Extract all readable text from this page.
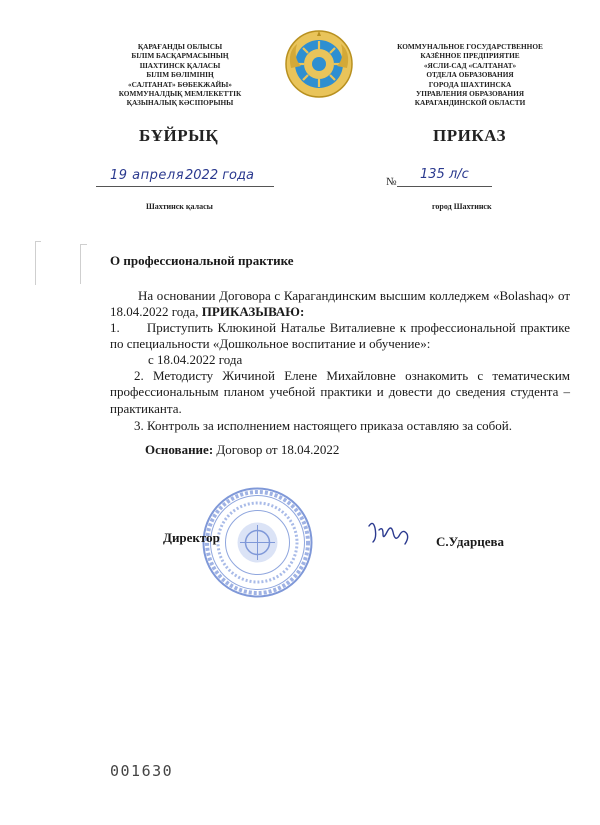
ҚАРАҒАНДЫ ОБЛЫСЫ
БІЛІМ БАСҚАРМАСЫНЫҢ
ШАХТИНСК ҚАЛАСЫ
БІЛІМ БӨЛІМІНІҢ
«САЛТАНАТ» БӨБЕКЖАЙЫ»
КОММУНАЛДЫҚ МЕМЛЕКЕТТІК
ҚАЗЫНАЛЫҚ КӘСІПОРЫНЫ
КОММУНАЛЬНОЕ ГОСУДАРСТВЕННОЕ
КАЗЁННОЕ ПРЕДПРИЯТИЕ
«ЯСЛИ-САД «САЛТАНАТ»
ОТДЕЛА ОБРАЗОВАНИЯ
ГОРОДА ШАХТИНСКА
УПРАВЛЕНИЯ ОБРАЗОВАНИЯ
КАРАГАНДИНСКОЙ ОБЛАСТИ
БҰЙРЫҚ	ПРИКАЗ
19 апреля 2022 года	№ 135 л/с
Шахтинск қаласы	город Шахтинск
О профессиональной практике
На основании Договора с Карагандинским высшим колледжем «Bolashaq» от 18.04.2022 года, ПРИКАЗЫВАЮ:
1.      Приступить Клюкиной Наталье Виталиевне к профессиональной практике по специальности «Дошкольное воспитание и обучение»:
с 18.04.2022 года
2. Методисту Жичиной Елене Михайловне ознакомить с тематическим профессиональным планом учебной практики и довести до сведения студента – практиканта.
3. Контроль за исполнением настоящего приказа оставляю за собой.
Основание: Договор от 18.04.2022
Директор	С.Ударцева
001630
